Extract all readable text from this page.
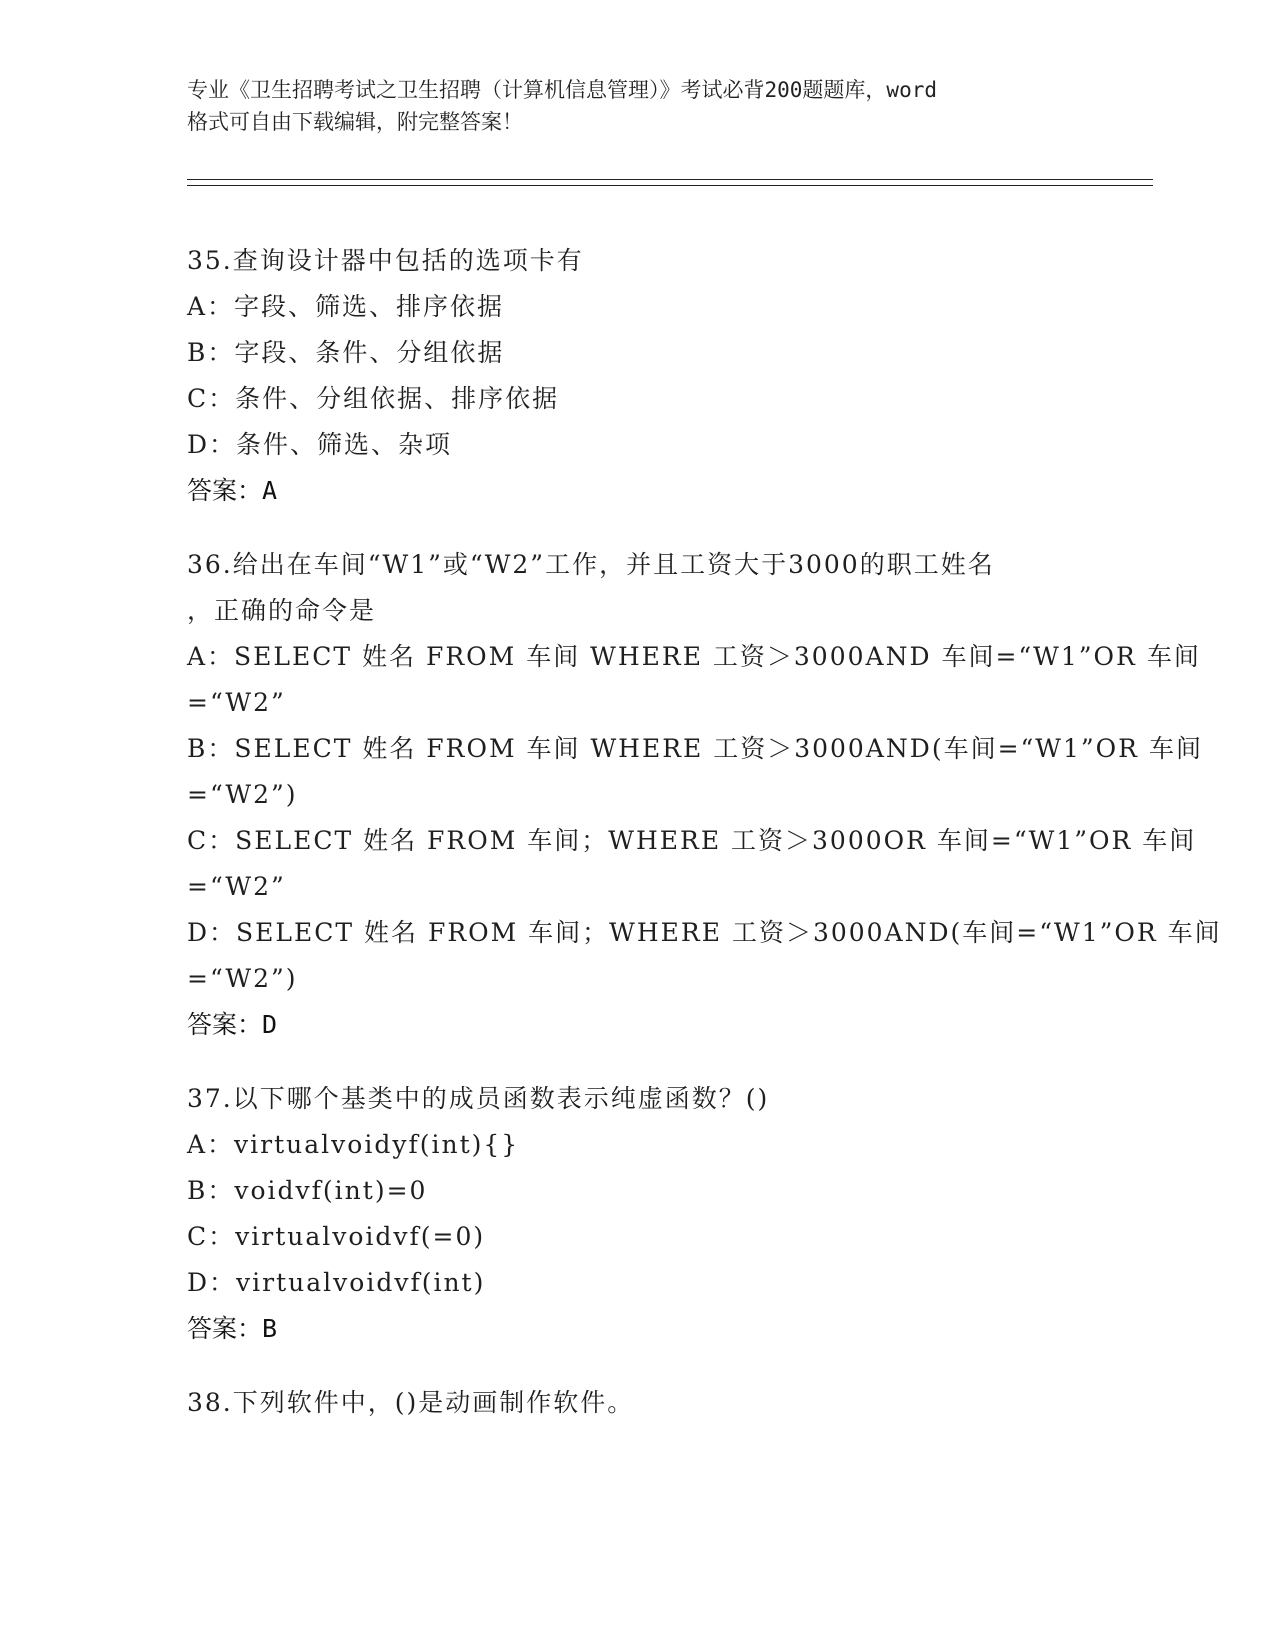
专业《卫生招聘考试之卫生招聘（计算机信息管理）》考试必背200题题库，word
格式可自由下载编辑，附完整答案！
35.查询设计器中包括的选项卡有
A：字段、筛选、排序依据
B：字段、条件、分组依据
C：条件、分组依据、排序依据
D：条件、筛选、杂项
答案：A
36.给出在车间“W1”或“W2”工作，并且工资大于3000的职工姓名
，正确的命令是
A：SELECT 姓名 FROM 车间 WHERE 工资＞3000AND 车间=“W1”OR 车间
=“W2”
B：SELECT 姓名 FROM 车间 WHERE 工资＞3000AND(车间=“W1”OR 车间
=“W2”)
C：SELECT 姓名 FROM 车间；WHERE 工资＞3000OR 车间=“W1”OR 车间
=“W2”
D：SELECT 姓名 FROM 车间；WHERE 工资＞3000AND(车间=“W1”OR 车间
=“W2”)
答案：D
37.以下哪个基类中的成员函数表示纯虚函数？()
A：virtualvoidyf(int){}
B：voidvf(int)=0
C：virtualvoidvf(=0)
D：virtualvoidvf(int)
答案：B
38.下列软件中，()是动画制作软件。
